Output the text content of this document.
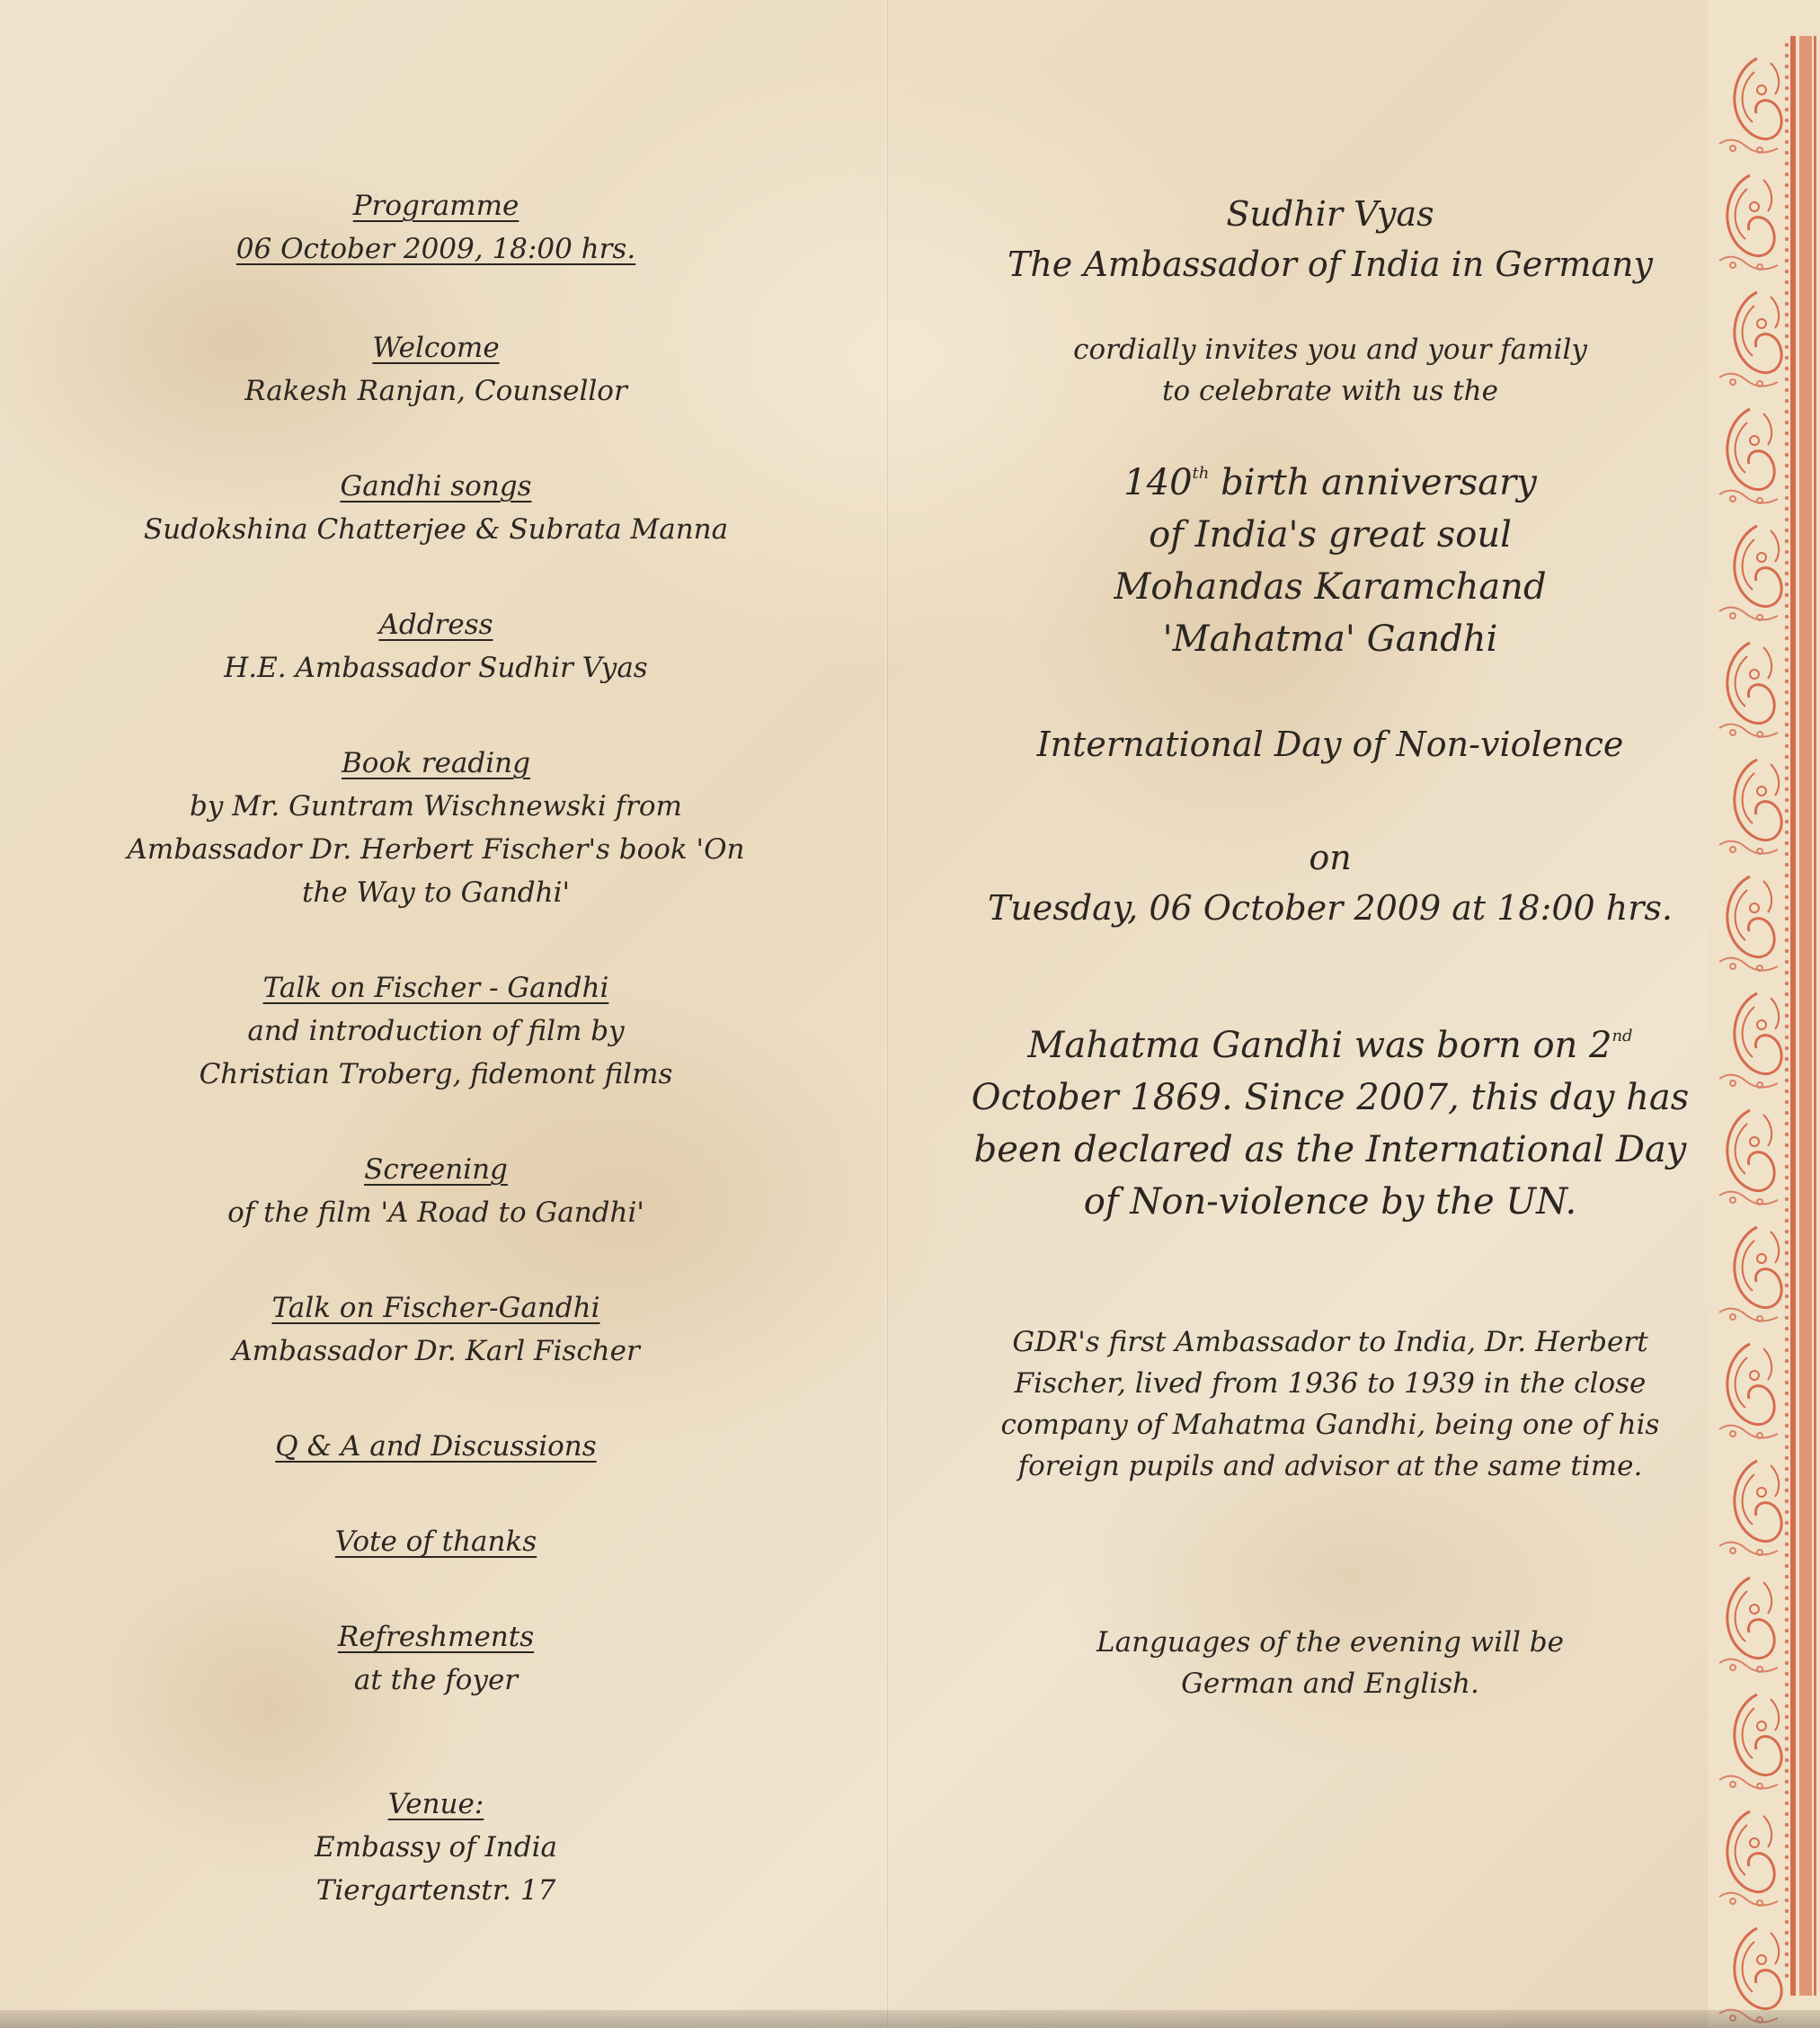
Programme

06 October 2009, 18:00 hrs.

Welcome

Rakesh Ranjan, Counsellor

Gandhi songs

Sudokshina Chatterjee & Subrata Manna

Address

H.E. Ambassador Sudhir Vyas

Book reading

by Mr. Guntram Wischnewski from

Ambassador Dr. Herbert Fischer's book 'On

the Way to Gandhi'

Talk on Fischer - Gandhi

and introduction of film by

Christian Troberg, fidemont films

Screening

of the film 'A Road to Gandhi'

Talk on Fischer-Gandhi

Ambassador Dr. Karl Fischer

Q & A and Discussions

Vote of thanks

Refreshments

at the foyer

Venue:

Embassy of India

Tiergartenstr. 17

Sudhir Vyas

The Ambassador of India in Germany

cordially invites you and your family

to celebrate with us the

140th birth anniversary

of India's great soul

Mohandas Karamchand

'Mahatma' Gandhi

International Day of Non-violence

on

Tuesday, 06 October 2009 at 18:00 hrs.

Mahatma Gandhi was born on 2nd

October 1869. Since 2007, this day has

been declared as the International Day

of Non-violence by the UN.

GDR's first Ambassador to India, Dr. Herbert

Fischer, lived from 1936 to 1939 in the close

company of Mahatma Gandhi, being one of his

foreign pupils and advisor at the same time.

Languages of the evening will be

German and English.
